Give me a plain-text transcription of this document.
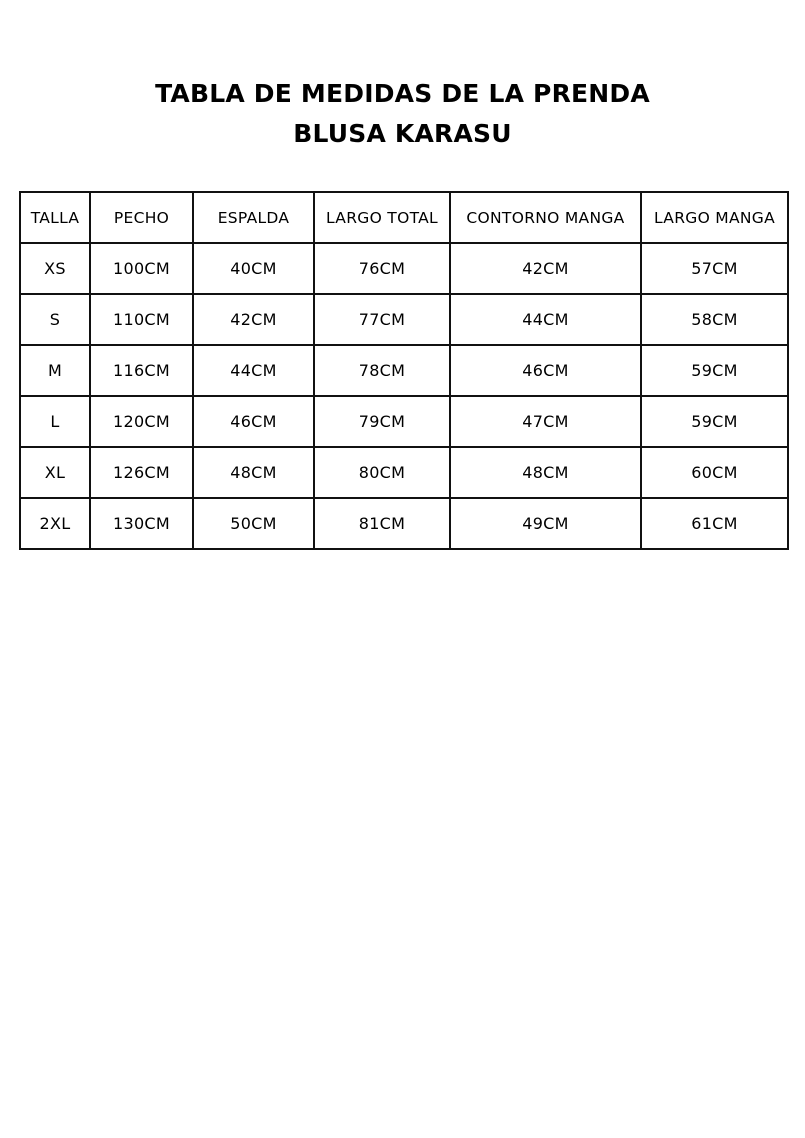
TABLA DE MEDIDAS DE LA PRENDA

BLUSA KARASU

TALLA	PECHO	ESPALDA	LARGO TOTAL	CONTORNO MANGA	LARGO MANGA
XS	100CM	40CM	76CM	42CM	57CM
S	110CM	42CM	77CM	44CM	58CM
M	116CM	44CM	78CM	46CM	59CM
L	120CM	46CM	79CM	47CM	59CM
XL	126CM	48CM	80CM	48CM	60CM
2XL	130CM	50CM	81CM	49CM	61CM
